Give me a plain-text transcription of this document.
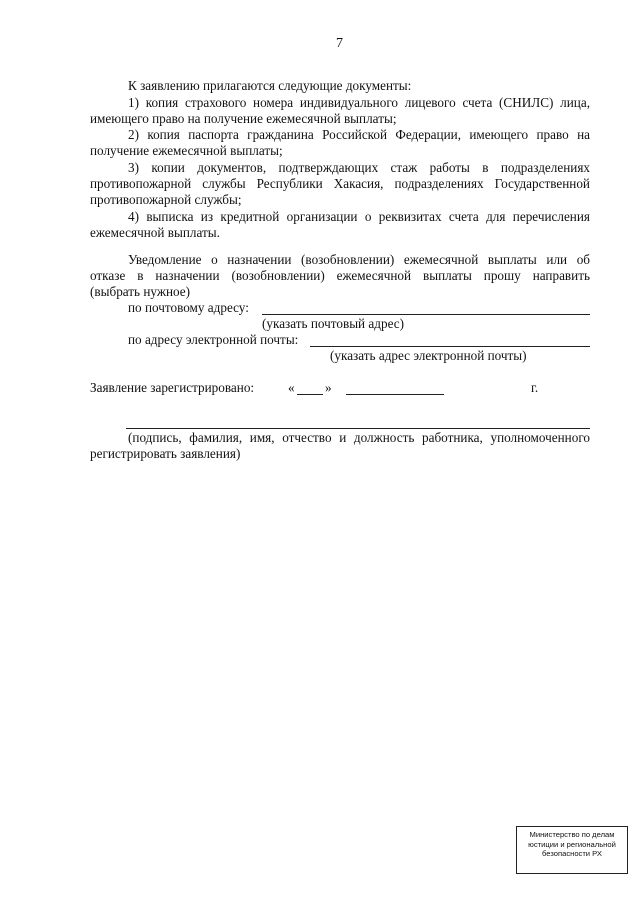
7
К заявлению прилагаются следующие документы:
1) копия страхового номера индивидуального лицевого счета (СНИЛС) лица,
имеющего право на получение ежемесячной выплаты;
2) копия паспорта гражданина Российской Федерации, имеющего право на
получение ежемесячной выплаты;
3) копии документов, подтверждающих стаж работы в подразделениях
противопожарной службы Республики Хакасия, подразделениях Государственной
противопожарной службы;
4) выписка из кредитной организации о реквизитах счета для перечисления
ежемесячной выплаты.
Уведомление о назначении (возобновлении) ежемесячной выплаты или об
отказе в назначении (возобновлении) ежемесячной выплаты прошу направить
(выбрать нужное)
по почтовому адресу:
(указать почтовый адрес)
по адресу электронной почты:
(указать адрес электронной почты)
Заявление зарегистрировано:	« »	г.
(подпись, фамилия, имя, отчество и должность работника, уполномоченного
регистрировать заявления)
Министерство по делам
юстиции и региональной
безопасности РХ
